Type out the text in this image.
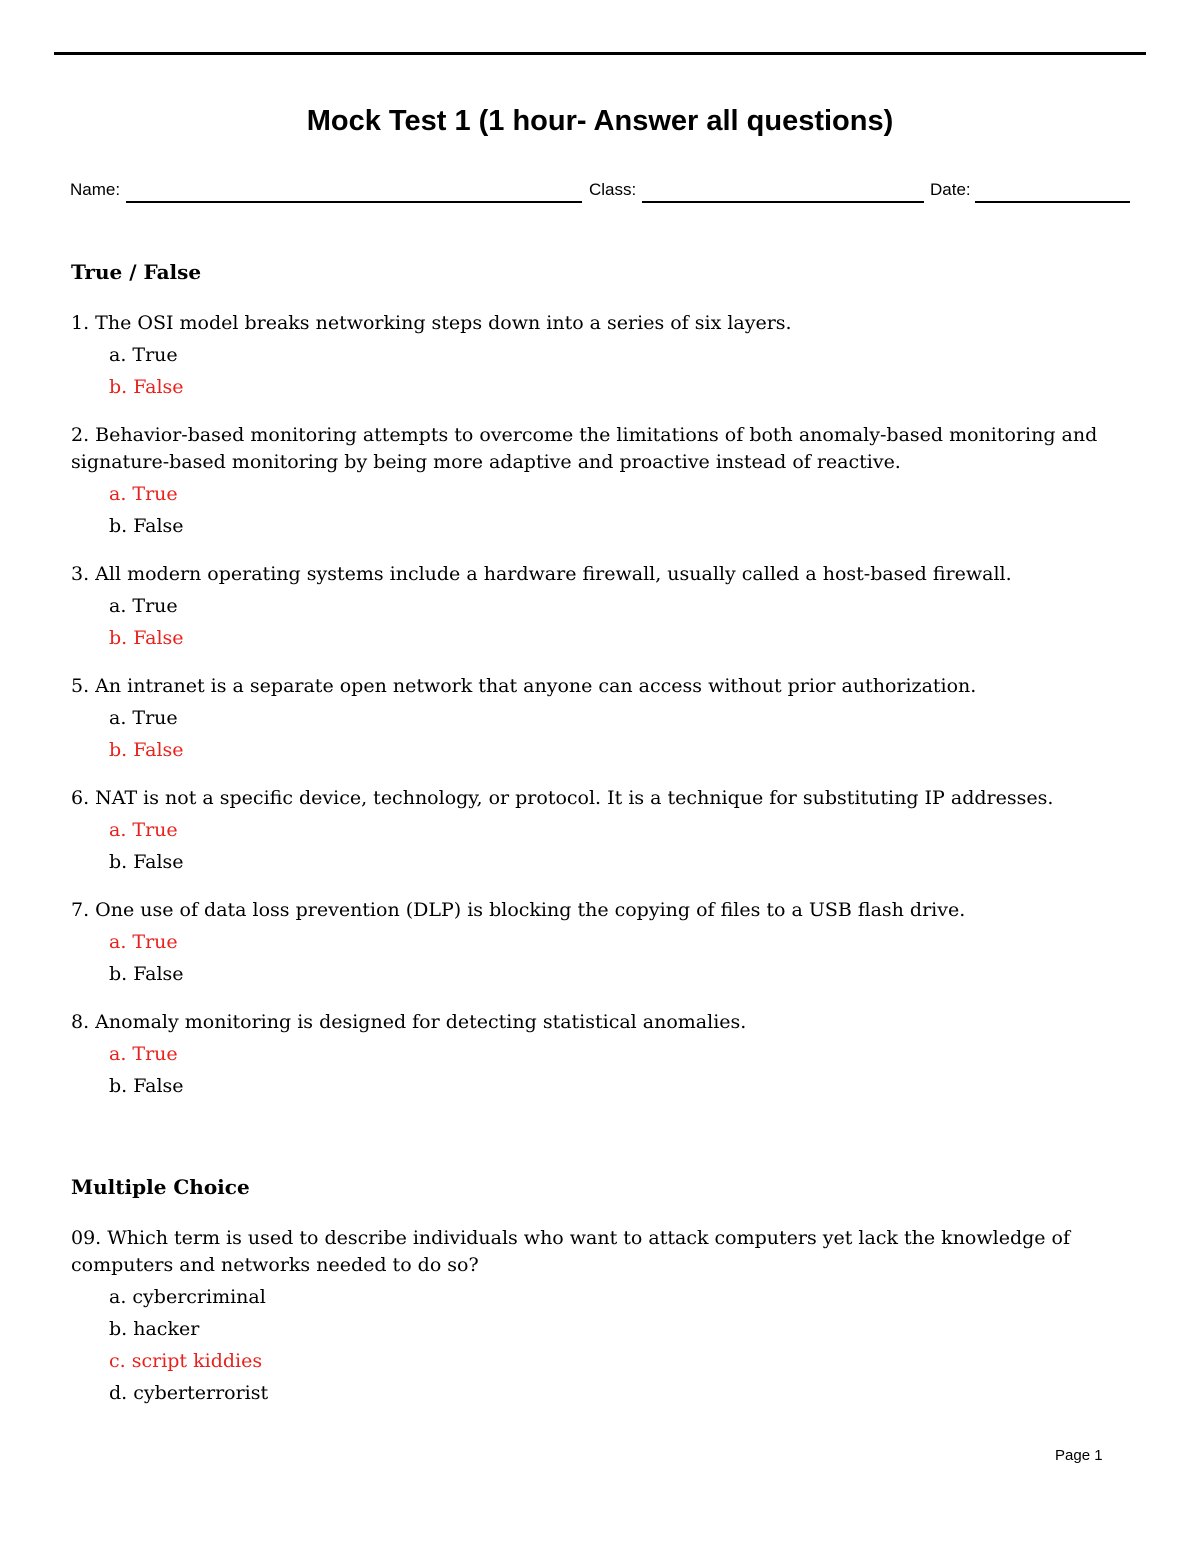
Mock Test 1 (1 hour- Answer all questions)
Name:	Class:	Date:
True / False
1. The OSI model breaks networking steps down into a series of six layers.
a. True
b. False
2. Behavior-based monitoring attempts to overcome the limitations of both anomaly-based monitoring and signature-based monitoring by being more adaptive and proactive instead of reactive.
a. True
b. False
3. All modern operating systems include a hardware firewall, usually called a host-based firewall.
a. True
b. False
5. An intranet is a separate open network that anyone can access without prior authorization.
a. True
b. False
6. NAT is not a specific device, technology, or protocol. It is a technique for substituting IP addresses.
a. True
b. False
7. One use of data loss prevention (DLP) is blocking the copying of files to a USB flash drive.
a. True
b. False
8. Anomaly monitoring is designed for detecting statistical anomalies.
a. True
b. False
Multiple Choice
09. Which term is used to describe individuals who want to attack computers yet lack the knowledge of computers and networks needed to do so?
a. cybercriminal
b. hacker
c. script kiddies
d. cyberterrorist
Page 1
